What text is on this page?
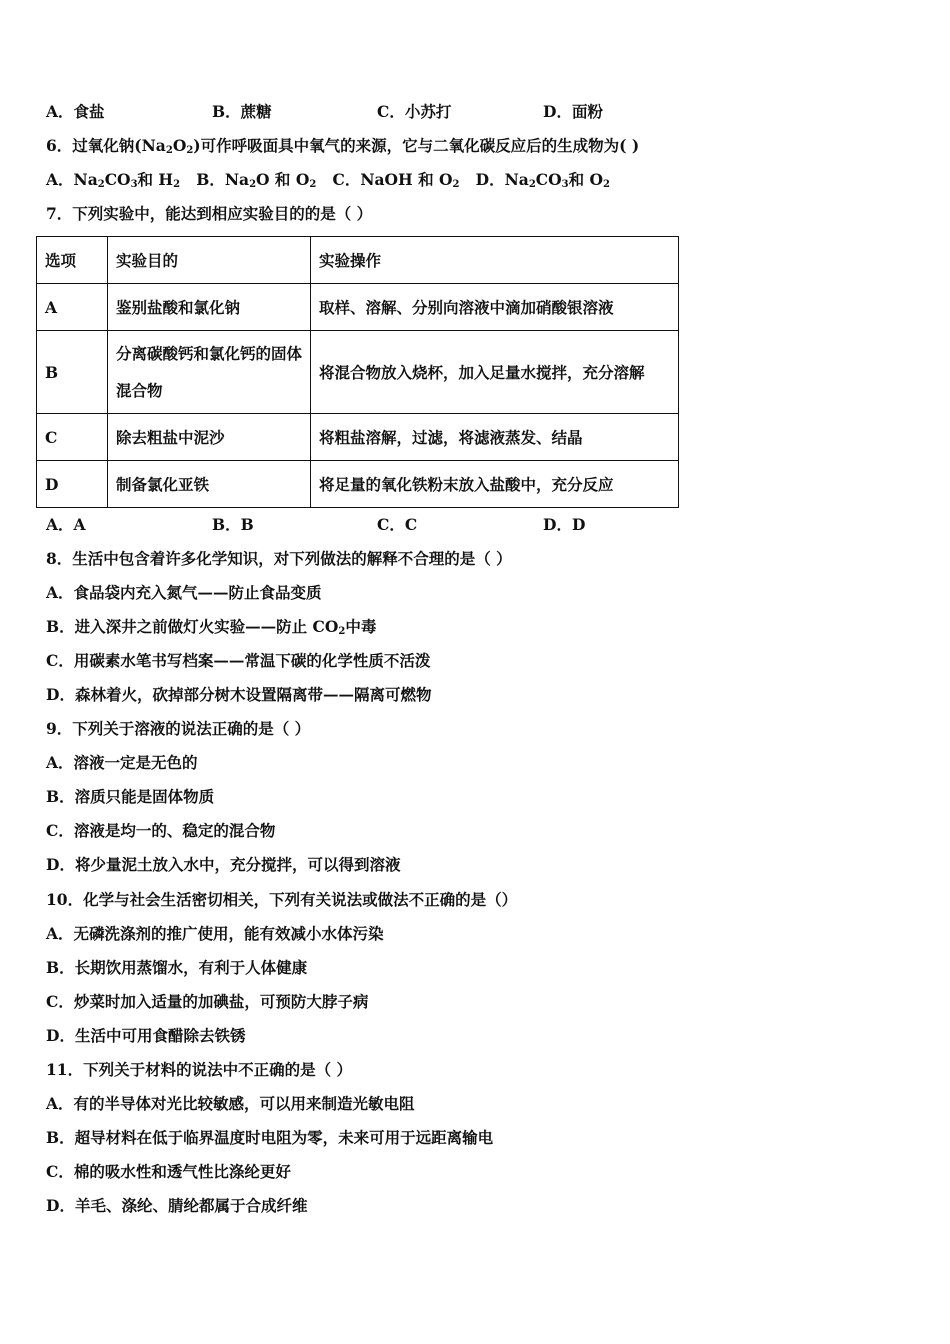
A．食盐	B．蔗糖	C．小苏打	D．面粉
6．过氧化钠$(Na_2O_2)$可作呼吸面具中氧气的来源，它与二氧化碳反应后的生成物为( )
A．$Na_2CO_3$和 $H_2$ B．$Na_2O$ 和 $O_2$ C．NaOH 和 $O_2$ D．$Na_2CO_3$和 $O_2$
7．下列实验中，能达到相应实验目的的是（ ）
选项	实验目的	实验操作
A	鉴别盐酸和氯化钠	取样、溶解、分别向溶液中滴加硝酸银溶液
B	分离碳酸钙和氯化钙的固体混合物	将混合物放入烧杯，加入足量水搅拌，充分溶解
C	除去粗盐中泥沙	将粗盐溶解，过滤，将滤液蒸发、结晶
D	制备氯化亚铁	将足量的氧化铁粉末放入盐酸中，充分反应
A．A	B．B	C．C	D．D
8．生活中包含着许多化学知识，对下列做法的解释不合理的是（ ）
A．食品袋内充入氮气——防止食品变质
B．进入深井之前做灯火实验——防止 $CO_2$中毒
C．用碳素水笔书写档案——常温下碳的化学性质不活泼
D．森林着火，砍掉部分树木设置隔离带——隔离可燃物
9．下列关于溶液的说法正确的是（ ）
A．溶液一定是无色的
B．溶质只能是固体物质
C．溶液是均一的、稳定的混合物
D．将少量泥土放入水中，充分搅拌，可以得到溶液
10．化学与社会生活密切相关，下列有关说法或做法不正确的是（）
A．无磷洗涤剂的推广使用，能有效减小水体污染
B．长期饮用蒸馏水，有利于人体健康
C．炒菜时加入适量的加碘盐，可预防大脖子病
D．生活中可用食醋除去铁锈
11．下列关于材料的说法中不正确的是（ ）
A．有的半导体对光比较敏感，可以用来制造光敏电阻
B．超导材料在低于临界温度时电阻为零，未来可用于远距离输电
C．棉的吸水性和透气性比涤纶更好
D．羊毛、涤纶、腈纶都属于合成纤维
